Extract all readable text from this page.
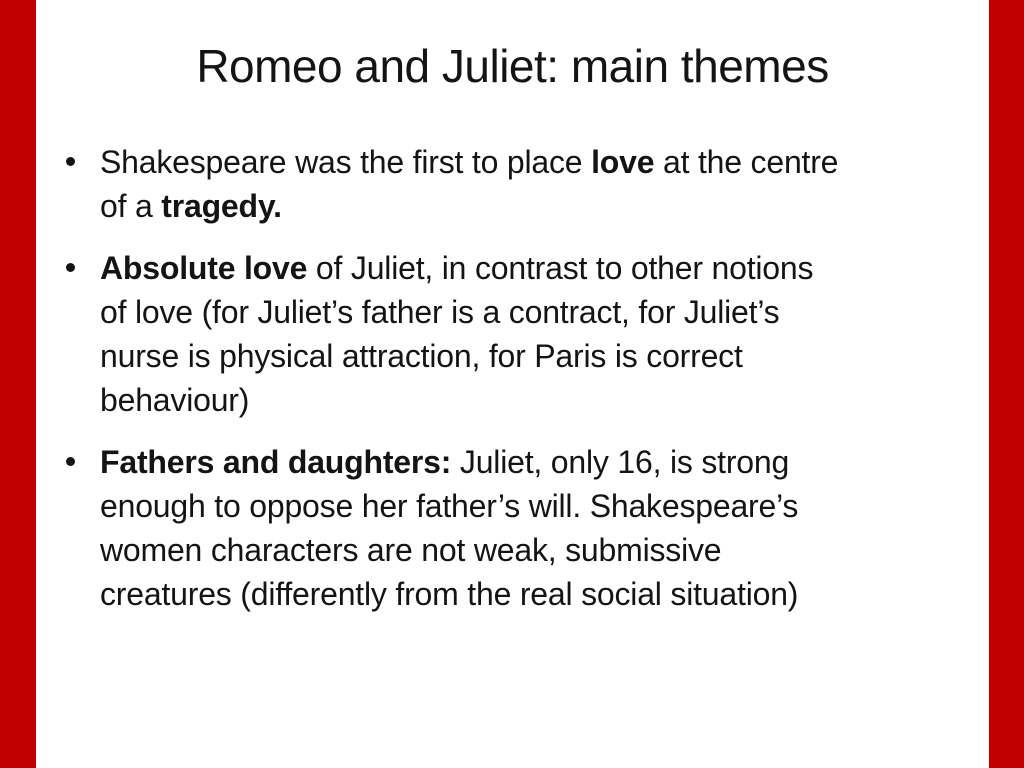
Romeo and Juliet: main themes
Shakespeare was the first to place love at the centre
of a tragedy.
Absolute love of Juliet, in contrast to other notions
of love (for Juliet’s father is a contract, for Juliet’s
nurse is physical attraction, for Paris is correct
behaviour)
Fathers and daughters: Juliet, only 16, is strong
enough to oppose her father’s will. Shakespeare’s
women characters are not weak, submissive
creatures (differently from the real social situation)
